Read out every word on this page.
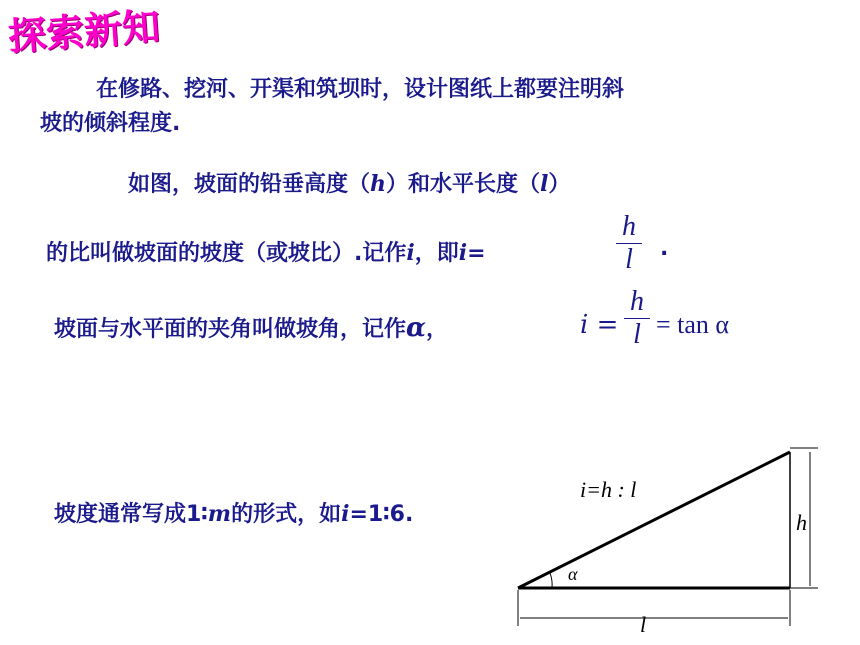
探索新知
在修路、挖河、开渠和筑坝时，设计图纸上都要注明斜
坡的倾斜程度.
如图，坡面的铅垂高度（h）和水平长度（l）
的比叫做坡面的坡度（或坡比）.记作i，即i=
h
l	.
坡面与水平面的夹角叫做坡角，记作α，	i =
h
l = tan α
坡度通常写成1∶m的形式，如i=1∶6.
i=h : l
α
h
l
